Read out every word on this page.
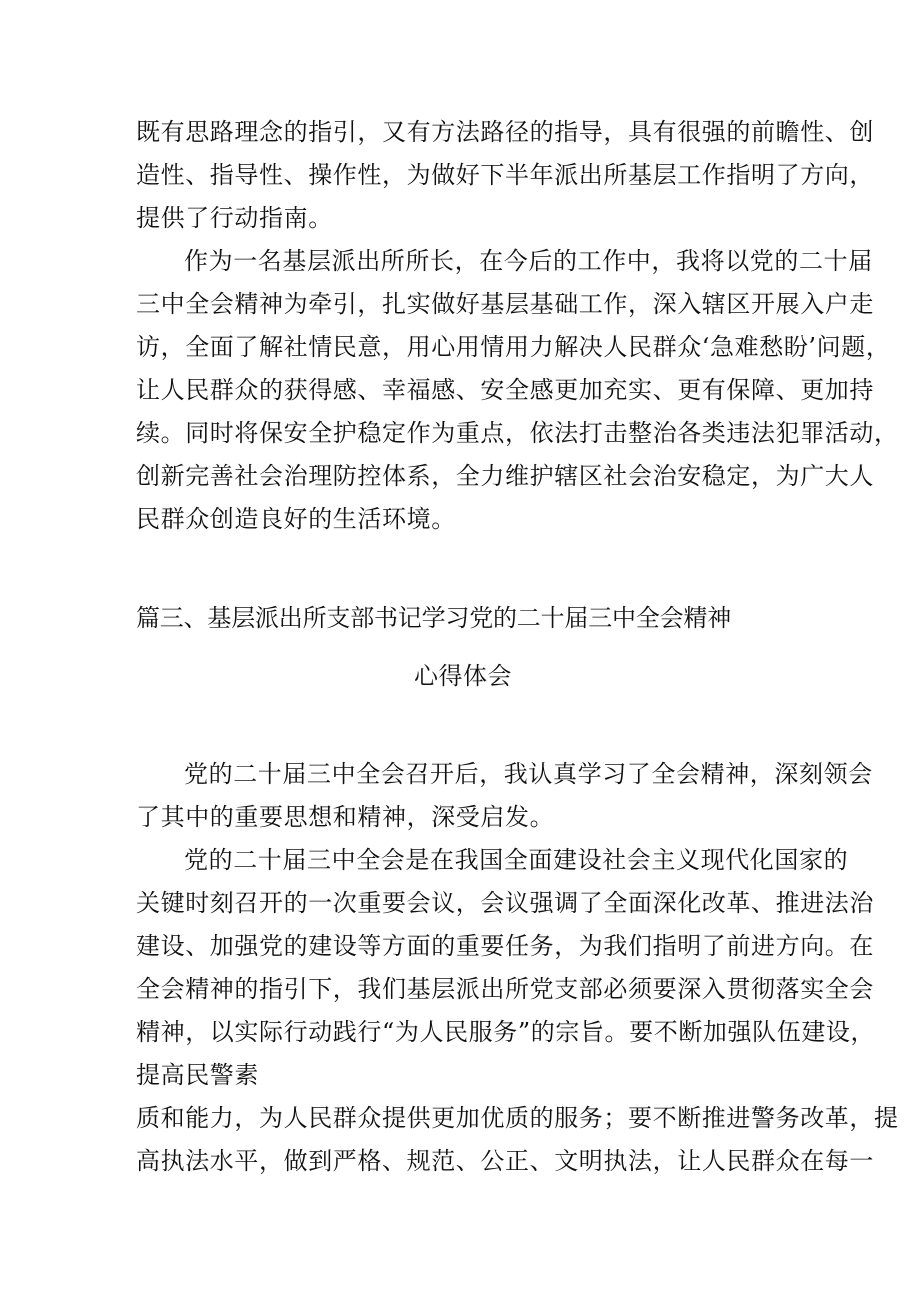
既有思路理念的指引，又有方法路径的指导，具有很强的前瞻性、创
造性、指导性、操作性，为做好下半年派出所基层工作指明了方向，
提供了行动指南。
作为一名基层派出所所长，在今后的工作中，我将以党的二十届
三中全会精神为牵引，扎实做好基层基础工作，深入辖区开展入户走
访，全面了解社情民意，用心用情用力解决人民群众‘急难愁盼’问题，
让人民群众的获得感、幸福感、安全感更加充实、更有保障、更加持
续。同时将保安全护稳定作为重点，依法打击整治各类违法犯罪活动，
创新完善社会治理防控体系，全力维护辖区社会治安稳定，为广大人
民群众创造良好的生活环境。
篇三、基层派出所支部书记学习党的二十届三中全会精神
心得体会
党的二十届三中全会召开后，我认真学习了全会精神，深刻领会
了其中的重要思想和精神，深受启发。
党的二十届三中全会是在我国全面建设社会主义现代化国家的
关键时刻召开的一次重要会议，会议强调了全面深化改革、推进法治
建设、加强党的建设等方面的重要任务，为我们指明了前进方向。在
全会精神的指引下，我们基层派出所党支部必须要深入贯彻落实全会
精神，以实际行动践行“为人民服务”的宗旨。要不断加强队伍建设，
提高民警素
质和能力，为人民群众提供更加优质的服务；要不断推进警务改革，提
高执法水平，做到严格、规范、公正、文明执法，让人民群众在每一
